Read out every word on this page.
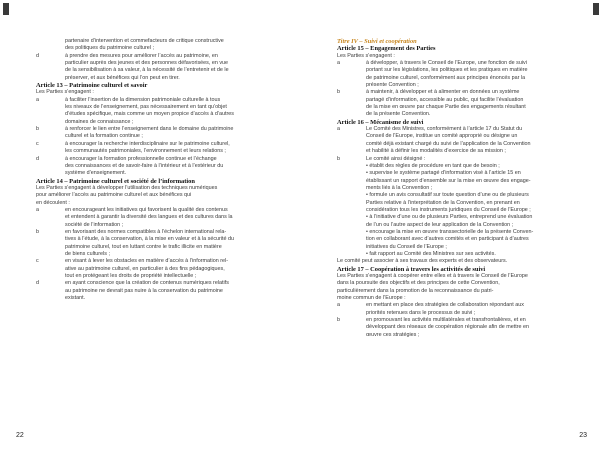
partenaire d’intervention et commefacteurs de critique constructive
des politiques du patrimoine culturel ;
d	à prendre des mesures pour améliorer l’accès au patrimoine, en
particulier auprès des jeunes et des personnes défavorisées, en vue
de la sensibilisation à sa valeur, à la nécessité de l’entretenir et de le
préserver, et aux bénéfices qui l’on peut en tirer.
Article 13 – Patrimoine culturel et savoir
Les Parties s’engagent :
a	à faciliter l’insertion de la dimension patrimoniale culturelle à tous
les niveaux de l’enseignement, pas nécessairement en tant qu’objet
d’études spécifique, mais comme un moyen propice d’accès à d’autres
domaines de connaissance ;
b	à renforcer le lien entre l’enseignement dans le domaine du patrimoine
culturel et la formation continue ;
c	à encourager la recherche interdisciplinaire sur le patrimoine culturel,
les communautés patrimoniales, l’environnement et leurs relations ;
d	à encourager la formation professionnelle continue et l’échange
des connaissances et de savoir-faire à l’intérieur et à l’extérieur du
système d’enseignement.
Article 14 – Patrimoine culturel et société de l’information
Les Parties s’engagent à développer l’utilisation des techniques numériques
pour améliorer l’accès au patrimoine culturel et aux bénéfices qui
en découlent :
a	en encourageant les initiatives qui favorisent la qualité des contenus
et entendent à garantir la diversité des langues et des cultures dans la
société de l’information ;
b	en favorisant des normes compatibles à l’échelon international rela-
tives à l’étude, à la conservation, à la mise en valeur et à la sécurité du
patrimoine culturel, tout en luttant contre le trafic illicite en matière
de biens culturels ;
c	en visant à lever les obstacles en matière d’accès à l’information rel-
ative au patrimoine culturel, en particulier à des fins pédagogiques,
tout en protégeant les droits de propriété intellectuelle ;
d	en ayant conscience que la création de contenus numériques relatifs
au patrimoine ne devrait pas nuire à la conservation du patrimoine
existant.
22
Titre IV – Suivi et coopération
Article 15 – Engagement des Parties
Les Parties s’engagent :
a	à développer, à travers le Conseil de l’Europe, une fonction de suivi
portant sur les législations, les politiques et les pratiques en matière
de patrimoine culturel, conformément aux principes énoncés par la
présente Convention ;
b	à maintenir, à développer et à alimenter en données un système
partagé d’information, accessible au public, qui facilite l’évaluation
de la mise en œuvre par chaque Partie des engagements résultant
de la présente Convention.
Article 16 – Mécanisme de suivi
a	Le Comité des Ministres, conformément à l’article 17 du Statut du
Conseil de l’Europe, institue un comité approprié ou désigne un
comité déjà existant chargé du suivi de l’application de la Convention
et habilité à définir les modalités d’exercice de sa mission ;
b	Le comité ainsi désigné :
• établit des règles de procédure en tant que de besoin ;
• supervise le système partagé d’information visé à l’article 15 en
établissant un rapport d’ensemble sur la mise en œuvre des engage-
ments liés à la Convention ;
• formule un avis consultatif sur toute question d’une ou de plusieurs
Parties relative à l’interprétation de la Convention, en prenant en
considération tous les instruments juridiques du Conseil de l’Europe ;
• à l’initiative d’une ou de plusieurs Parties, entreprend une évaluation
de l’un ou l’autre aspect de leur application de la Convention ;
• encourage la mise en œuvre transsectorielle de la présente Conven-
tion en collaborant avec d’autres comités et en participant à d’autres
initiatives du Conseil de l’Europe ;
• fait rapport au Comité des Ministres sur ses activités.
Le comité peut associer à ses travaux des experts et des observateurs.
Article 17 – Coopération à travers les activités de suivi
Les Parties s’engagent à coopérer entre elles et à travers le Conseil de l’Europe
dans la poursuite des objectifs et des principes de cette Convention,
particulièrement dans la promotion de la reconnaissance du patri-
moine commun de l’Europe :
a	en mettant en place des stratégies de collaboration répondant aux
priorités retenues dans le processus de suivi ;
b	en promouvant les activités multilatérales et transfrontalières, et en
développant des réseaux de coopération régionale afin de mettre en
œuvre ces stratégies ;
23
